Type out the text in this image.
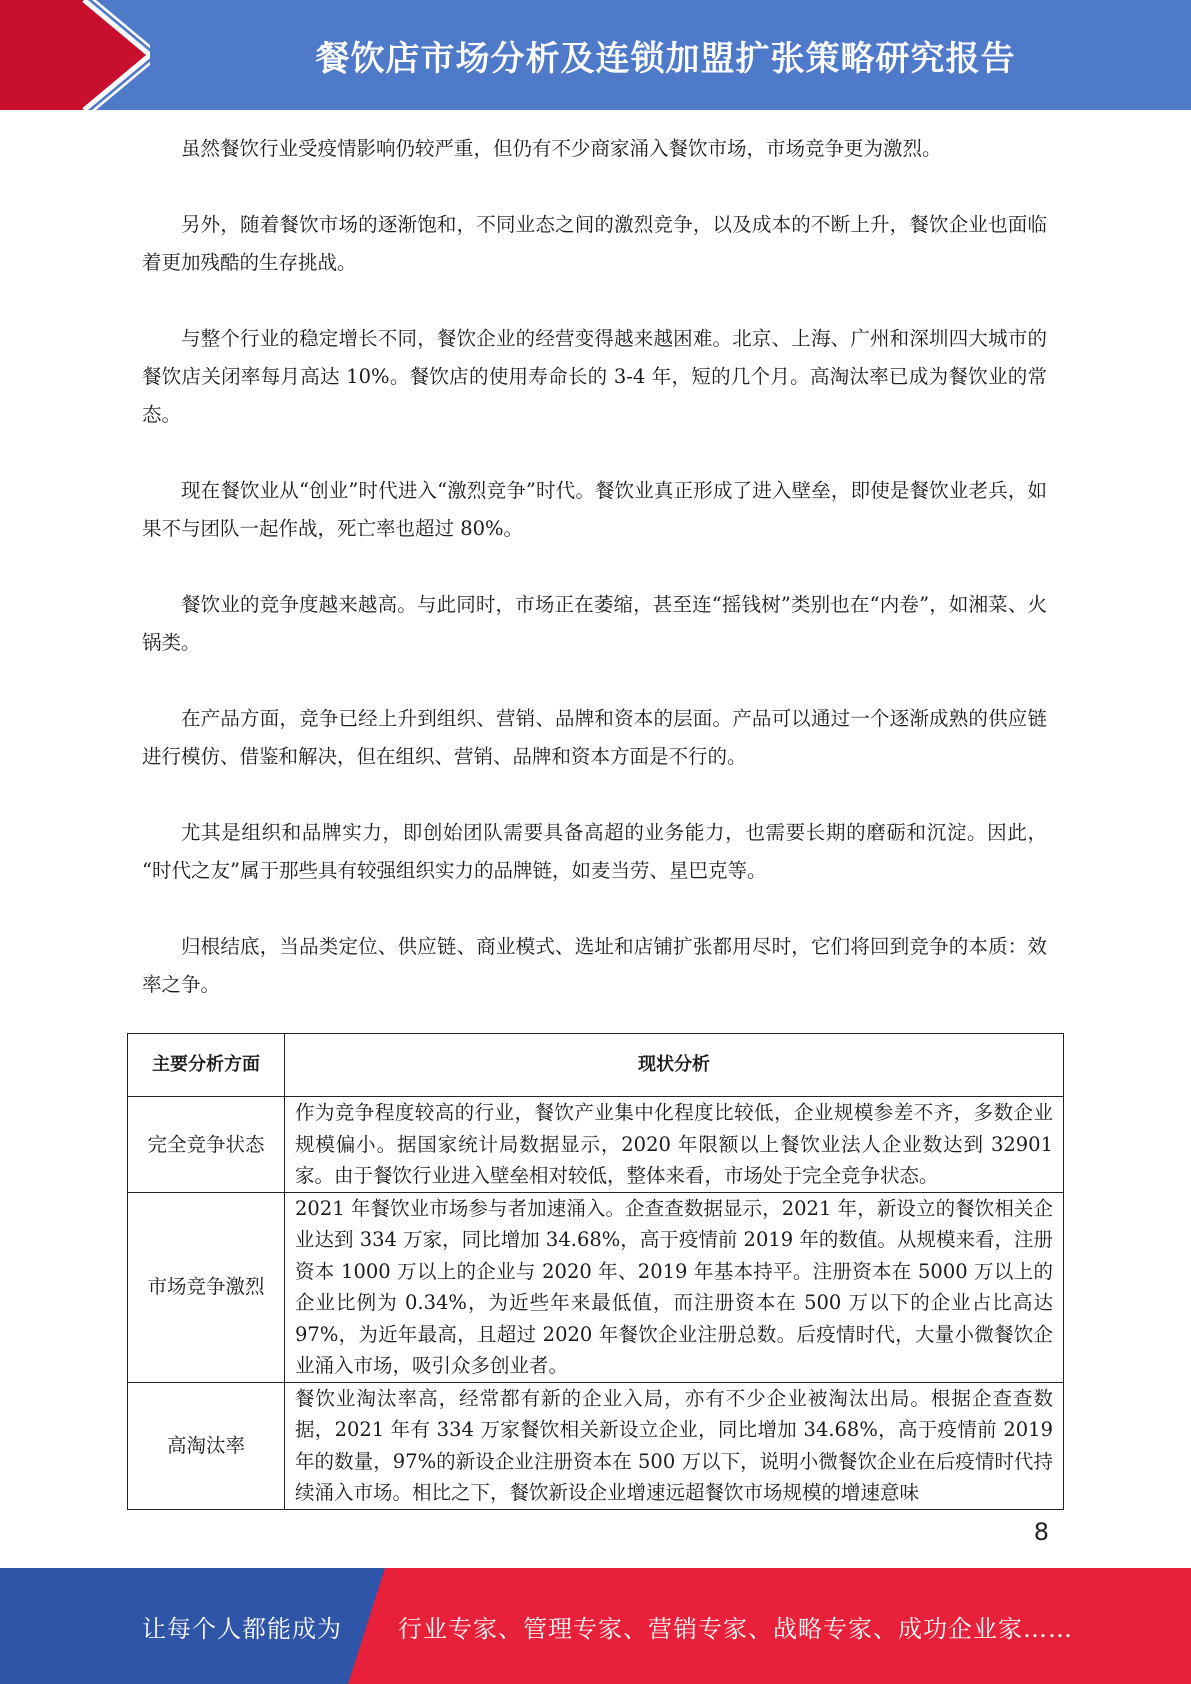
餐饮店市场分析及连锁加盟扩张策略研究报告

虽然餐饮行业受疫情影响仍较严重，但仍有不少商家涌入餐饮市场，市场竞争更为激烈。

另外，随着餐饮市场的逐渐饱和，不同业态之间的激烈竞争，以及成本的不断上升，餐饮企业也面临着更加残酷的生存挑战。

与整个行业的稳定增长不同，餐饮企业的经营变得越来越困难。北京、上海、广州和深圳四大城市的餐饮店关闭率每月高达 10%。餐饮店的使用寿命长的 3-4 年，短的几个月。高淘汰率已成为餐饮业的常态。

现在餐饮业从“创业”时代进入“激烈竞争”时代。餐饮业真正形成了进入壁垒，即使是餐饮业老兵，如果不与团队一起作战，死亡率也超过 80%。

餐饮业的竞争度越来越高。与此同时，市场正在萎缩，甚至连“摇钱树”类别也在“内卷”，如湘菜、火锅类。

在产品方面，竞争已经上升到组织、营销、品牌和资本的层面。产品可以通过一个逐渐成熟的供应链进行模仿、借鉴和解决，但在组织、营销、品牌和资本方面是不行的。

尤其是组织和品牌实力，即创始团队需要具备高超的业务能力，也需要长期的磨砺和沉淀。因此， “时代之友”属于那些具有较强组织实力的品牌链，如麦当劳、星巴克等。

归根结底，当品类定位、供应链、商业模式、选址和店铺扩张都用尽时，它们将回到竞争的本质：效率之争。

主要分析方面	现状分析
完全竞争状态	作为竞争程度较高的行业，餐饮产业集中化程度比较低，企业规模参差不齐，多数企业规模偏小。据国家统计局数据显示，2020 年限额以上餐饮业法人企业数达到 32901 家。由于餐饮行业进入壁垒相对较低，整体来看，市场处于完全竞争状态。
市场竞争激烈	2021 年餐饮业市场参与者加速涌入。企查查数据显示，2021 年，新设立的餐饮相关企业达到 334 万家，同比增加 34.68%，高于疫情前 2019 年的数值。从规模来看，注册资本 1000 万以上的企业与 2020 年、2019 年基本持平。注册资本在 5000 万以上的企业比例为 0.34%，为近些年来最低值，而注册资本在 500 万以下的企业占比高达 97%，为近年最高，且超过 2020 年餐饮企业注册总数。后疫情时代，大量小微餐饮企业涌入市场，吸引众多创业者。
高淘汰率	餐饮业淘汰率高，经常都有新的企业入局，亦有不少企业被淘汰出局。根据企查查数据，2021 年有 334 万家餐饮相关新设立企业，同比增加 34.68%，高于疫情前 2019 年的数量，97%的新设企业注册资本在 500 万以下，说明小微餐饮企业在后疫情时代持续涌入市场。相比之下，餐饮新设企业增速远超餐饮市场规模的增速意味
8
让每个人都能成为 行业专家、管理专家、营销专家、战略专家、成功企业家……
